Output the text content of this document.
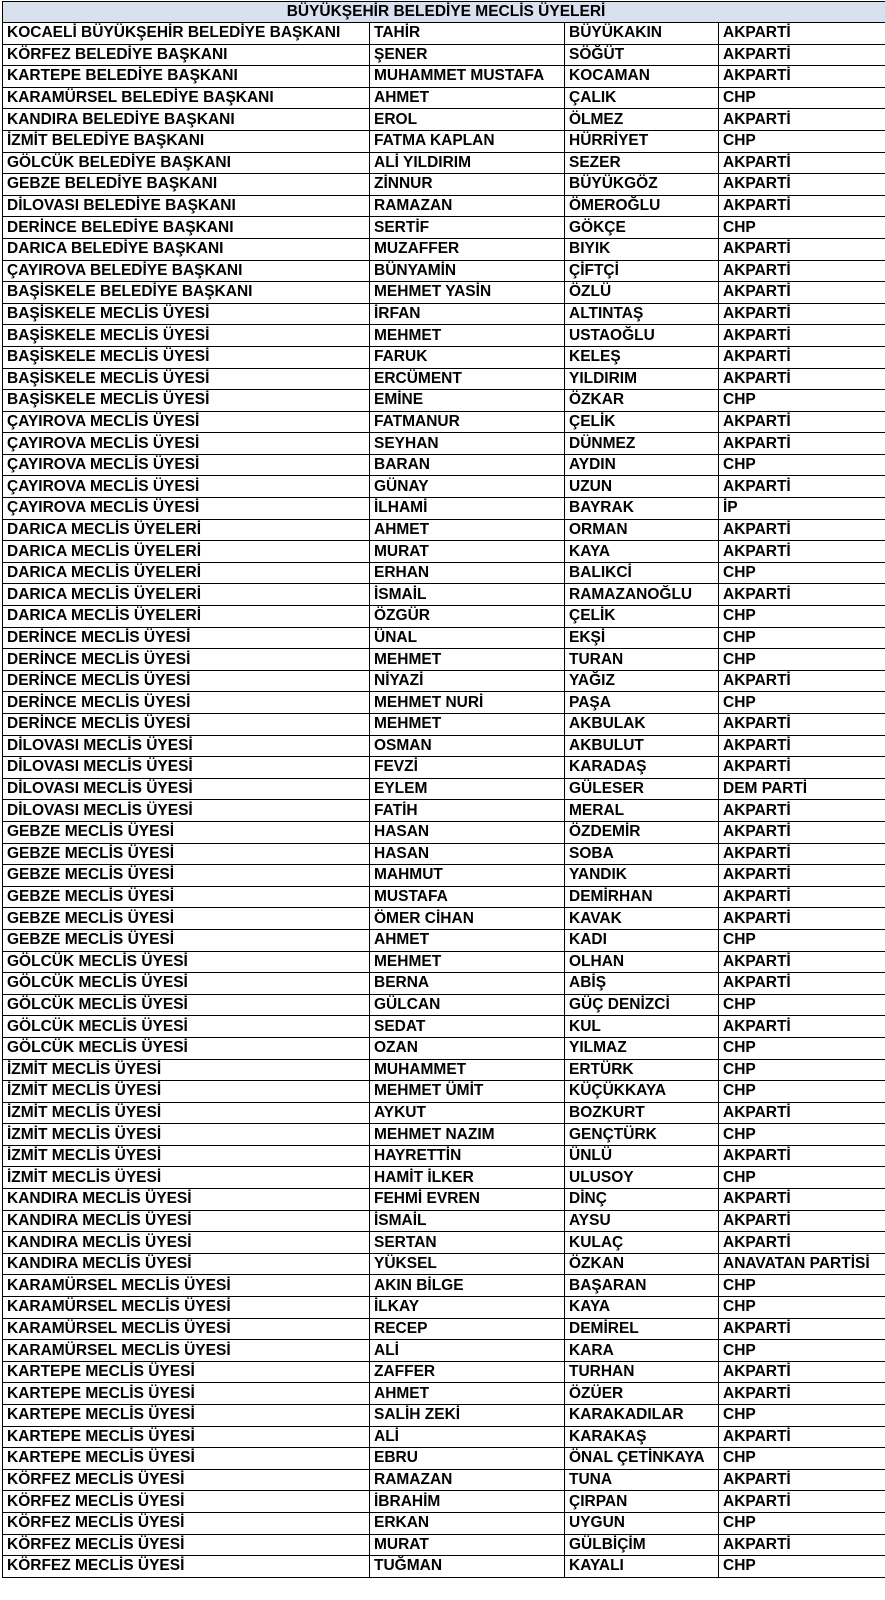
BÜYÜKŞEHİR BELEDİYE MECLİS ÜYELERİ			
KOCAELİ BÜYÜKŞEHİR BELEDİYE BAŞKANI	TAHİR	BÜYÜKAKIN	AKPARTİ
KÖRFEZ BELEDİYE BAŞKANI	ŞENER	SÖĞÜT	AKPARTİ
KARTEPE BELEDİYE BAŞKANI	MUHAMMET MUSTAFA	KOCAMAN	AKPARTİ
KARAMÜRSEL BELEDİYE BAŞKANI	AHMET	ÇALIK	CHP
KANDIRA BELEDİYE BAŞKANI	EROL	ÖLMEZ	AKPARTİ
İZMİT BELEDİYE BAŞKANI	FATMA KAPLAN	HÜRRİYET	CHP
GÖLCÜK BELEDİYE BAŞKANI	ALİ YILDIRIM	SEZER	AKPARTİ
GEBZE BELEDİYE BAŞKANI	ZİNNUR	BÜYÜKGÖZ	AKPARTİ
DİLOVASI BELEDİYE BAŞKANI	RAMAZAN	ÖMEROĞLU	AKPARTİ
DERİNCE BELEDİYE BAŞKANI	SERTİF	GÖKÇE	CHP
DARICA BELEDİYE BAŞKANI	MUZAFFER	BIYIK	AKPARTİ
ÇAYIROVA BELEDİYE BAŞKANI	BÜNYAMİN	ÇİFTÇİ	AKPARTİ
BAŞİSKELE BELEDİYE BAŞKANI	MEHMET YASİN	ÖZLÜ	AKPARTİ
BAŞİSKELE MECLİS ÜYESİ	İRFAN	ALTINTAŞ	AKPARTİ
BAŞİSKELE MECLİS ÜYESİ	MEHMET	USTAOĞLU	AKPARTİ
BAŞİSKELE MECLİS ÜYESİ	FARUK	KELEŞ	AKPARTİ
BAŞİSKELE MECLİS ÜYESİ	ERCÜMENT	YILDIRIM	AKPARTİ
BAŞİSKELE MECLİS ÜYESİ	EMİNE	ÖZKAR	CHP
ÇAYIROVA MECLİS ÜYESİ	FATMANUR	ÇELİK	AKPARTİ
ÇAYIROVA MECLİS ÜYESİ	SEYHAN	DÜNMEZ	AKPARTİ
ÇAYIROVA MECLİS ÜYESİ	BARAN	AYDIN	CHP
ÇAYIROVA MECLİS ÜYESİ	GÜNAY	UZUN	AKPARTİ
ÇAYIROVA MECLİS ÜYESİ	İLHAMİ	BAYRAK	İP
DARICA MECLİS ÜYELERİ	AHMET	ORMAN	AKPARTİ
DARICA MECLİS ÜYELERİ	MURAT	KAYA	AKPARTİ
DARICA MECLİS ÜYELERİ	ERHAN	BALIKCİ	CHP
DARICA MECLİS ÜYELERİ	İSMAİL	RAMAZANOĞLU	AKPARTİ
DARICA MECLİS ÜYELERİ	ÖZGÜR	ÇELİK	CHP
DERİNCE MECLİS ÜYESİ	ÜNAL	EKŞİ	CHP
DERİNCE MECLİS ÜYESİ	MEHMET	TURAN	CHP
DERİNCE MECLİS ÜYESİ	NİYAZİ	YAĞIZ	AKPARTİ
DERİNCE MECLİS ÜYESİ	MEHMET NURİ	PAŞA	CHP
DERİNCE MECLİS ÜYESİ	MEHMET	AKBULAK	AKPARTİ
DİLOVASI MECLİS ÜYESİ	OSMAN	AKBULUT	AKPARTİ
DİLOVASI MECLİS ÜYESİ	FEVZİ	KARADAŞ	AKPARTİ
DİLOVASI MECLİS ÜYESİ	EYLEM	GÜLESER	DEM PARTİ
DİLOVASI MECLİS ÜYESİ	FATİH	MERAL	AKPARTİ
GEBZE MECLİS ÜYESİ	HASAN	ÖZDEMİR	AKPARTİ
GEBZE MECLİS ÜYESİ	HASAN	SOBA	AKPARTİ
GEBZE MECLİS ÜYESİ	MAHMUT	YANDIK	AKPARTİ
GEBZE MECLİS ÜYESİ	MUSTAFA	DEMİRHAN	AKPARTİ
GEBZE MECLİS ÜYESİ	ÖMER CİHAN	KAVAK	AKPARTİ
GEBZE MECLİS ÜYESİ	AHMET	KADI	CHP
GÖLCÜK MECLİS ÜYESİ	MEHMET	OLHAN	AKPARTİ
GÖLCÜK MECLİS ÜYESİ	BERNA	ABİŞ	AKPARTİ
GÖLCÜK MECLİS ÜYESİ	GÜLCAN	GÜÇ DENİZCİ	CHP
GÖLCÜK MECLİS ÜYESİ	SEDAT	KUL	AKPARTİ
GÖLCÜK MECLİS ÜYESİ	OZAN	YILMAZ	CHP
İZMİT MECLİS ÜYESİ	MUHAMMET	ERTÜRK	CHP
İZMİT MECLİS ÜYESİ	MEHMET ÜMİT	KÜÇÜKKAYA	CHP
İZMİT MECLİS ÜYESİ	AYKUT	BOZKURT	AKPARTİ
İZMİT MECLİS ÜYESİ	MEHMET NAZIM	GENÇTÜRK	CHP
İZMİT MECLİS ÜYESİ	HAYRETTİN	ÜNLÜ	AKPARTİ
İZMİT MECLİS ÜYESİ	HAMİT İLKER	ULUSOY	CHP
KANDIRA MECLİS ÜYESİ	FEHMİ EVREN	DİNÇ	AKPARTİ
KANDIRA MECLİS ÜYESİ	İSMAİL	AYSU	AKPARTİ
KANDIRA MECLİS ÜYESİ	SERTAN	KULAÇ	AKPARTİ
KANDIRA MECLİS ÜYESİ	YÜKSEL	ÖZKAN	ANAVATAN PARTİSİ
KARAMÜRSEL MECLİS ÜYESİ	AKIN BİLGE	BAŞARAN	CHP
KARAMÜRSEL MECLİS ÜYESİ	İLKAY	KAYA	CHP
KARAMÜRSEL MECLİS ÜYESİ	RECEP	DEMİREL	AKPARTİ
KARAMÜRSEL MECLİS ÜYESİ	ALİ	KARA	CHP
KARTEPE MECLİS ÜYESİ	ZAFFER	TURHAN	AKPARTİ
KARTEPE MECLİS ÜYESİ	AHMET	ÖZÜER	AKPARTİ
KARTEPE MECLİS ÜYESİ	SALİH ZEKİ	KARAKADILAR	CHP
KARTEPE MECLİS ÜYESİ	ALİ	KARAKAŞ	AKPARTİ
KARTEPE MECLİS ÜYESİ	EBRU	ÖNAL ÇETİNKAYA	CHP
KÖRFEZ MECLİS ÜYESİ	RAMAZAN	TUNA	AKPARTİ
KÖRFEZ MECLİS ÜYESİ	İBRAHİM	ÇIRPAN	AKPARTİ
KÖRFEZ MECLİS ÜYESİ	ERKAN	UYGUN	CHP
KÖRFEZ MECLİS ÜYESİ	MURAT	GÜLBİÇİM	AKPARTİ
KÖRFEZ MECLİS ÜYESİ	TUĞMAN	KAYALI	CHP
